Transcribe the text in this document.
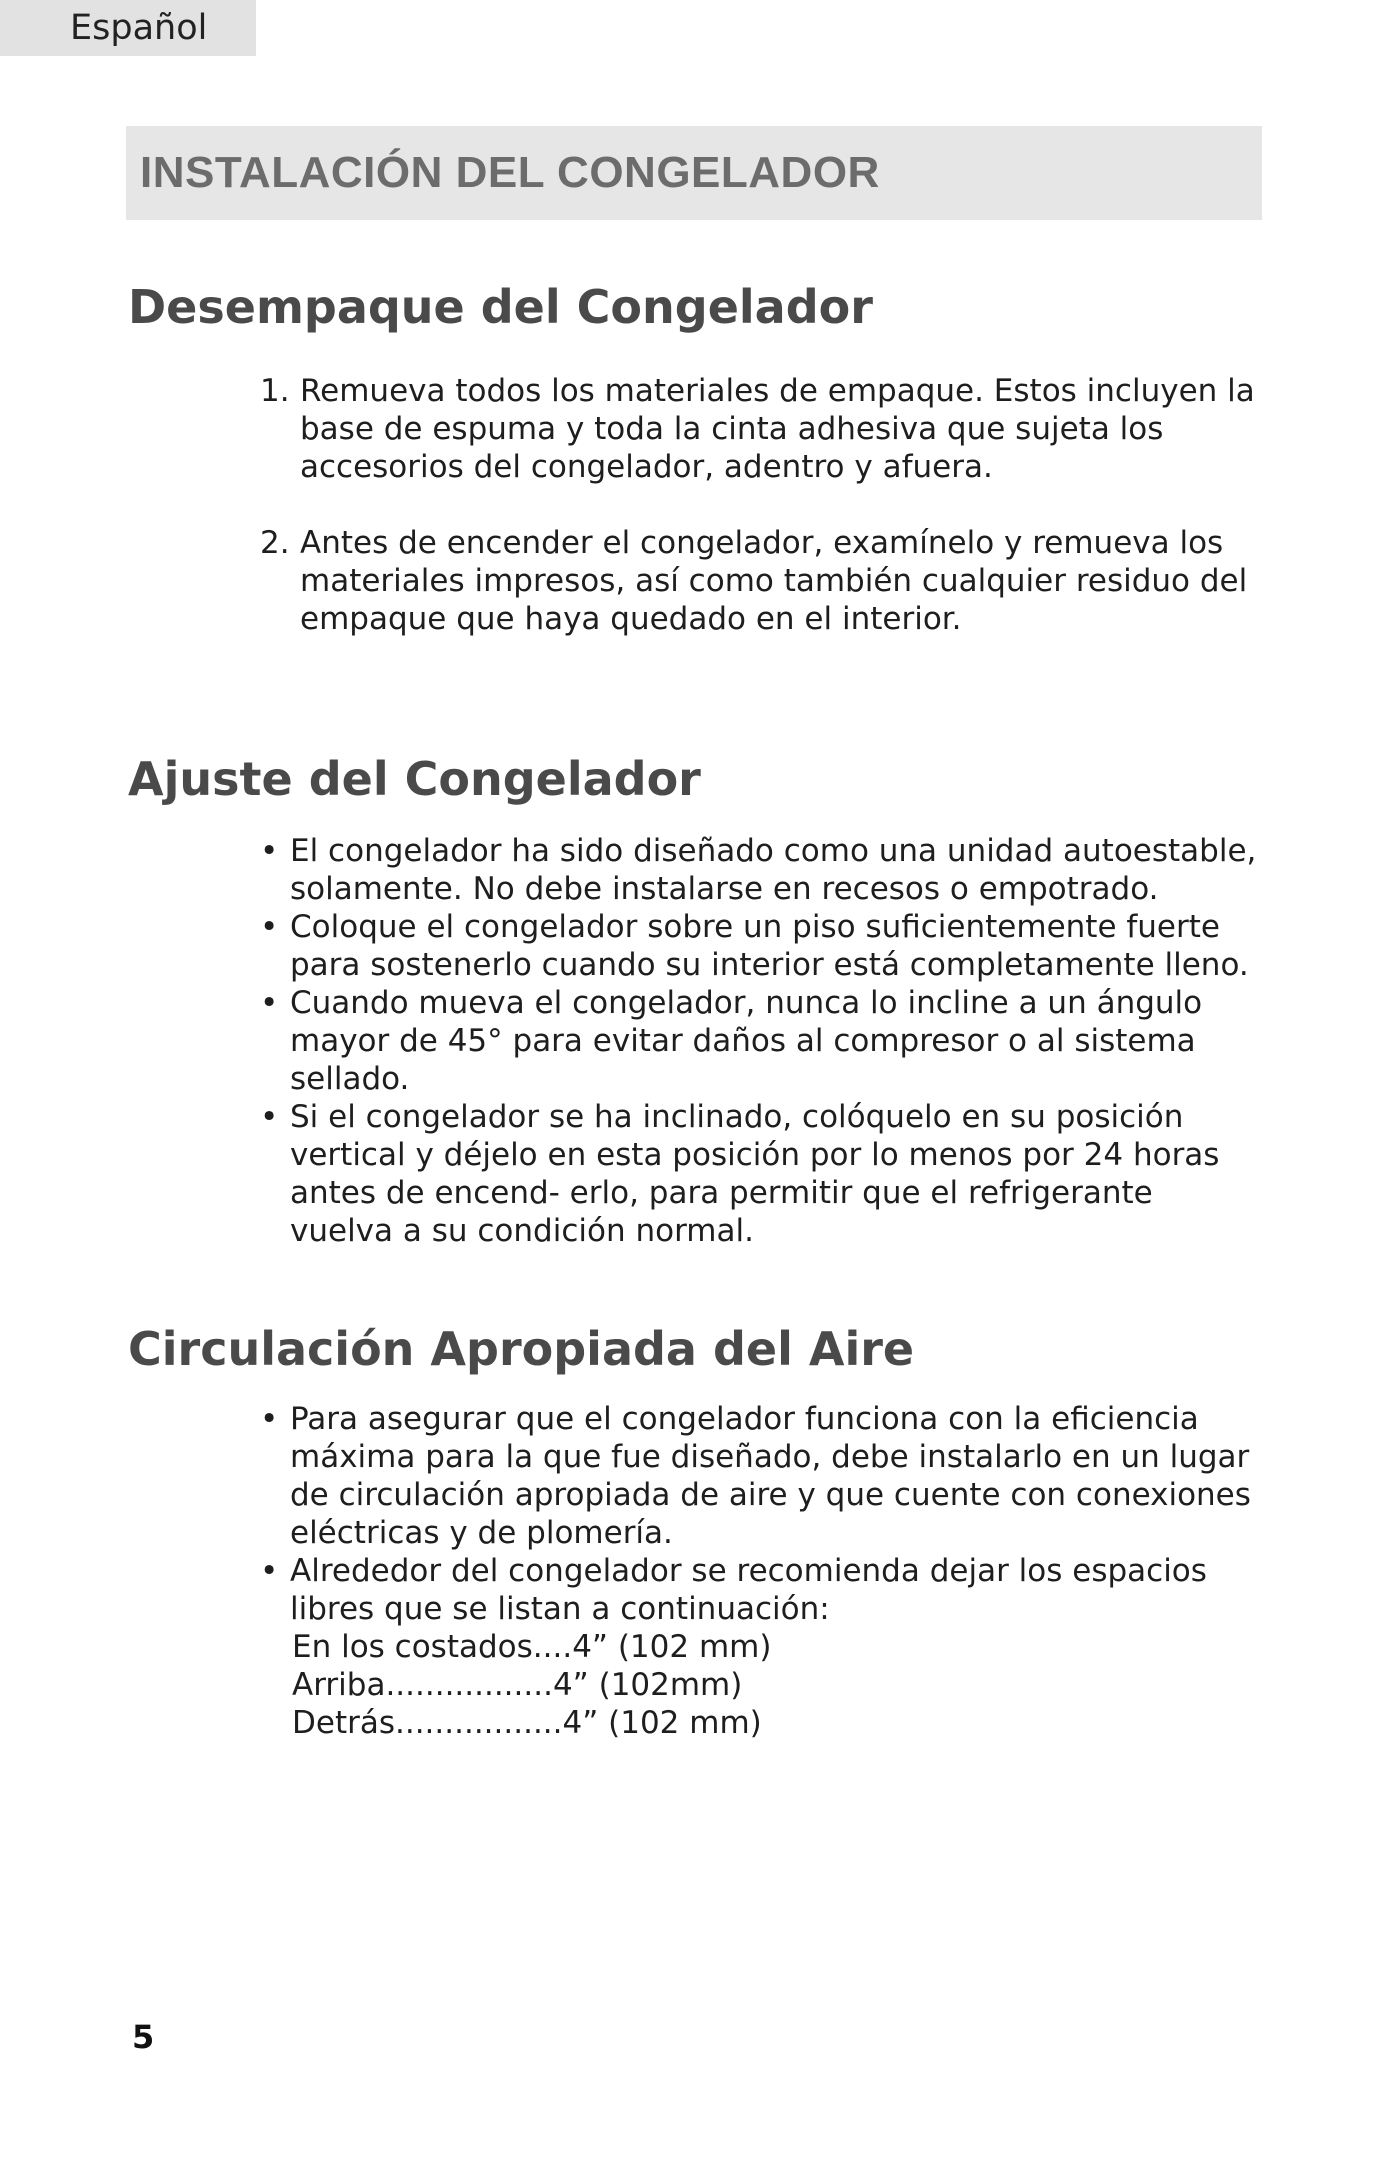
Español
INSTALACIÓN DEL CONGELADOR
Desempaque del Congelador
1. Remueva todos los materiales de empaque. Estos incluyen la base de espuma y toda la cinta adhesiva que sujeta los accesorios del congelador, adentro y afuera.
2. Antes de encender el congelador, examínelo y remueva los materiales impresos, así como también cualquier residuo del empaque que haya quedado en el interior.
Ajuste del Congelador
• El congelador ha sido diseñado como una unidad autoestable, solamente. No debe instalarse en recesos o empotrado.
• Coloque el congelador sobre un piso suficientemente fuerte para sostenerlo cuando su interior está completamente lleno.
• Cuando mueva el congelador, nunca lo incline a un ángulo mayor de 45° para evitar daños al compresor o al sistema sellado.
• Si el congelador se ha inclinado, colóquelo en su posición vertical y déjelo en esta posición por lo menos por 24 horas antes de encend- erlo, para permitir que el refrigerante vuelva a su condición normal.
Circulación Apropiada del Aire
• Para asegurar que el congelador funciona con la eficiencia máxima para la que fue diseñado, debe instalarlo en un lugar de circulación apropiada de aire y que cuente con conexiones eléctricas y de plomería.
• Alrededor del congelador se recomienda dejar los espacios libres que se listan a continuación:
En los costados....4” (102 mm)
Arriba.................4” (102mm)
Detrás.................4” (102 mm)
5
